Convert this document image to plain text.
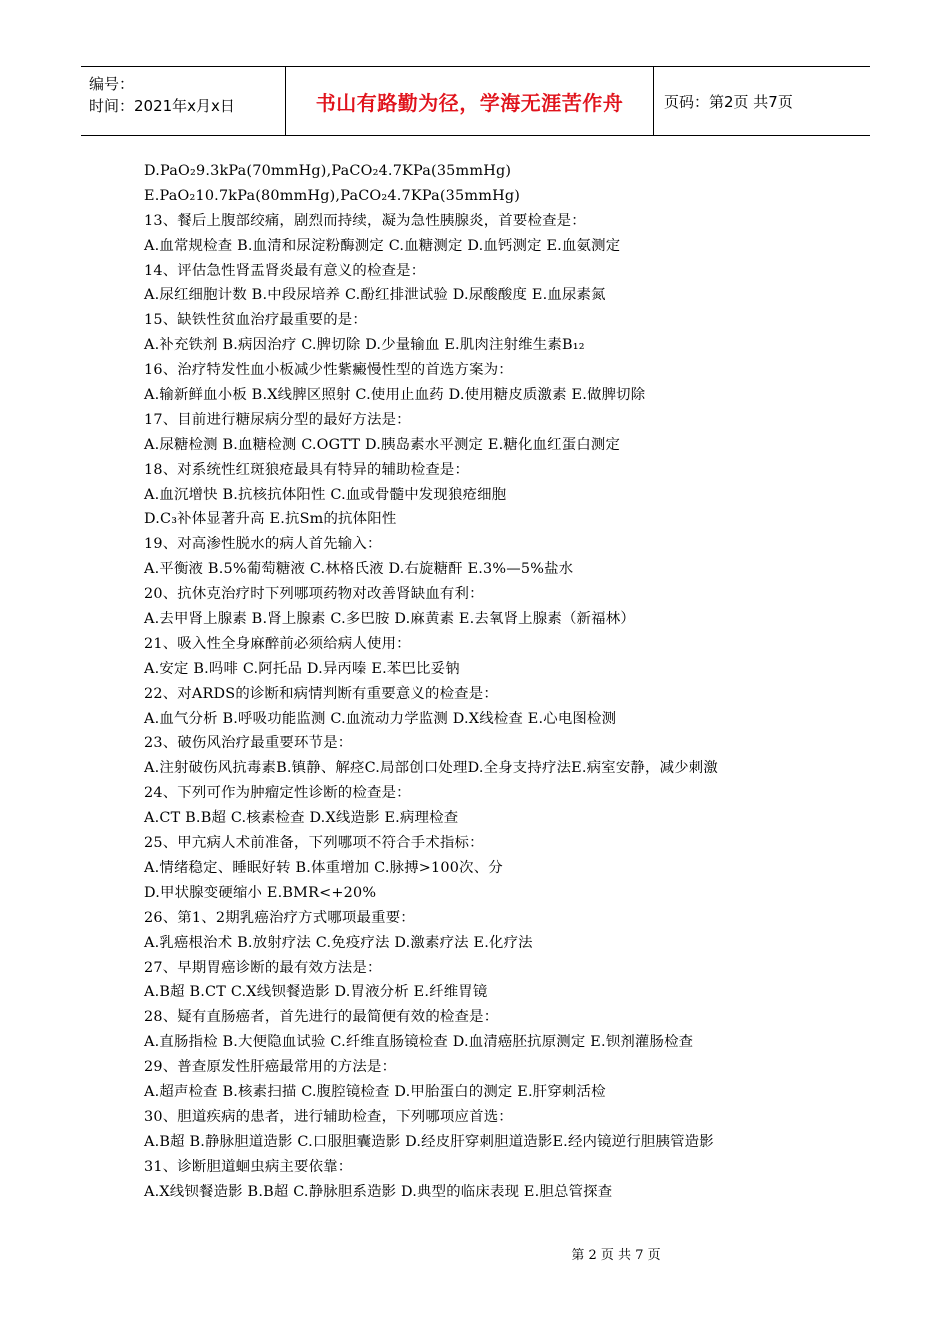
编号：
时间：2021年x月x日	书山有路勤为径，学海无涯苦作舟	页码：第2页 共7页
D.PaO₂9.3kPa(70mmHg),PaCO₂4.7KPa(35mmHg)
E.PaO₂10.7kPa(80mmHg),PaCO₂4.7KPa(35mmHg)
13、餐后上腹部绞痛，剧烈而持续，凝为急性胰腺炎，首要检查是：
A.血常规检查 B.血清和尿淀粉酶测定 C.血糖测定 D.血钙测定 E.血氨测定
14、评估急性肾盂肾炎最有意义的检查是：
A.尿红细胞计数 B.中段尿培养 C.酚红排泄试验 D.尿酸酸度 E.血尿素氮
15、缺铁性贫血治疗最重要的是：
A.补充铁剂 B.病因治疗 C.脾切除 D.少量输血 E.肌肉注射维生素B₁₂
16、治疗特发性血小板减少性紫癜慢性型的首选方案为：
A.输新鲜血小板 B.X线脾区照射 C.使用止血药 D.使用糖皮质激素 E.做脾切除
17、目前进行糖尿病分型的最好方法是：
A.尿糖检测 B.血糖检测 C.OGTT D.胰岛素水平测定 E.糖化血红蛋白测定
18、对系统性红斑狼疮最具有特异的辅助检查是：
A.血沉增快 B.抗核抗体阳性 C.血或骨髓中发现狼疮细胞
D.C₃补体显著升高 E.抗Sm的抗体阳性
19、对高渗性脱水的病人首先输入：
A.平衡液 B.5%葡萄糖液 C.林格氏液 D.右旋糖酐 E.3%—5%盐水
20、抗休克治疗时下列哪项药物对改善肾缺血有利：
A.去甲肾上腺素 B.肾上腺素 C.多巴胺 D.麻黄素 E.去氧肾上腺素（新福林）
21、吸入性全身麻醉前必须给病人使用：
A.安定 B.吗啡 C.阿托品 D.异丙嗪 E.苯巴比妥钠
22、对ARDS的诊断和病情判断有重要意义的检查是：
A.血气分析 B.呼吸功能监测 C.血流动力学监测 D.X线检查 E.心电图检测
23、破伤风治疗最重要环节是：
A.注射破伤风抗毒素B.镇静、解痉C.局部创口处理D.全身支持疗法E.病室安静，减少刺激
24、下列可作为肿瘤定性诊断的检查是：
A.CT B.B超 C.核素检查 D.X线造影 E.病理检查
25、甲亢病人术前准备，下列哪项不符合手术指标：
A.情绪稳定、睡眠好转 B.体重增加 C.脉搏>100次、分
D.甲状腺变硬缩小 E.BMR<+20%
26、第1、2期乳癌治疗方式哪项最重要：
A.乳癌根治术 B.放射疗法 C.免疫疗法 D.激素疗法 E.化疗法
27、早期胃癌诊断的最有效方法是：
A.B超 B.CT C.X线钡餐造影 D.胃液分析 E.纤维胃镜
28、疑有直肠癌者，首先进行的最简便有效的检查是：
A.直肠指检 B.大便隐血试验 C.纤维直肠镜检查 D.血清癌胚抗原测定 E.钡剂灌肠检查
29、普查原发性肝癌最常用的方法是：
A.超声检查 B.核素扫描 C.腹腔镜检查 D.甲胎蛋白的测定 E.肝穿刺活检
30、胆道疾病的患者，进行辅助检查，下列哪项应首选：
A.B超 B.静脉胆道造影 C.口服胆囊造影 D.经皮肝穿刺胆道造影E.经内镜逆行胆胰管造影
31、诊断胆道蛔虫病主要依靠：
A.X线钡餐造影 B.B超 C.静脉胆系造影 D.典型的临床表现 E.胆总管探查
第 2 页 共 7 页
